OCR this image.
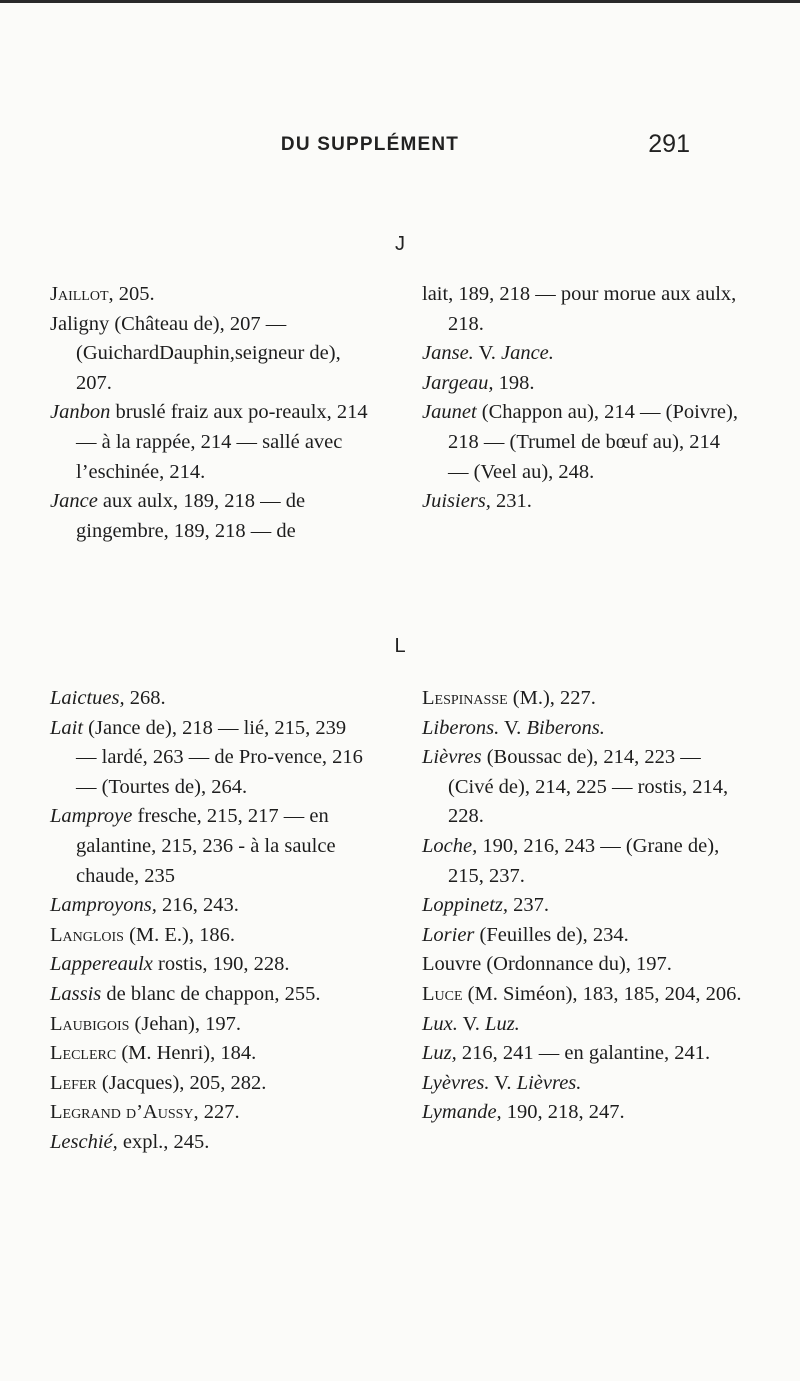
DU SUPPLÉMENT	291
J
Jaillot, 205.
Jaligny (Château de), 207 — (GuichardDauphin,seigneur de), 207.
Janbon bruslé fraiz aux po-reaulx, 214 — à la rappée, 214 — sallé avec l’eschinée, 214.
Jance aux aulx, 189, 218 — de gingembre, 189, 218 — de
lait, 189, 218 — pour morue aux aulx, 218.
Janse. V. Jance.
Jargeau, 198.
Jaunet (Chappon au), 214 — (Poivre), 218 — (Trumel de bœuf au), 214 — (Veel au), 248.
Juisiers, 231.
L
Laictues, 268.
Lait (Jance de), 218 — lié, 215, 239 — lardé, 263 — de Pro-vence, 216 — (Tourtes de), 264.
Lamproye fresche, 215, 217 — en galantine, 215, 236 - à la saulce chaude, 235
Lamproyons, 216, 243.
Langlois (M. E.), 186.
Lappereaulx rostis, 190, 228.
Lassis de blanc de chappon, 255.
Laubigois (Jehan), 197.
Leclerc (M. Henri), 184.
Lefer (Jacques), 205, 282.
Legrand d’Aussy, 227.
Leschié, expl., 245.
Lespinasse (M.), 227.
Liberons. V. Biberons.
Lièvres (Boussac de), 214, 223 — (Civé de), 214, 225 — rostis, 214, 228.
Loche, 190, 216, 243 — (Grane de), 215, 237.
Loppinetz, 237.
Lorier (Feuilles de), 234.
Louvre (Ordonnance du), 197.
Luce (M. Siméon), 183, 185, 204, 206.
Lux. V. Luz.
Luz, 216, 241 — en galantine, 241.
Lyèvres. V. Lièvres.
Lymande, 190, 218, 247.
